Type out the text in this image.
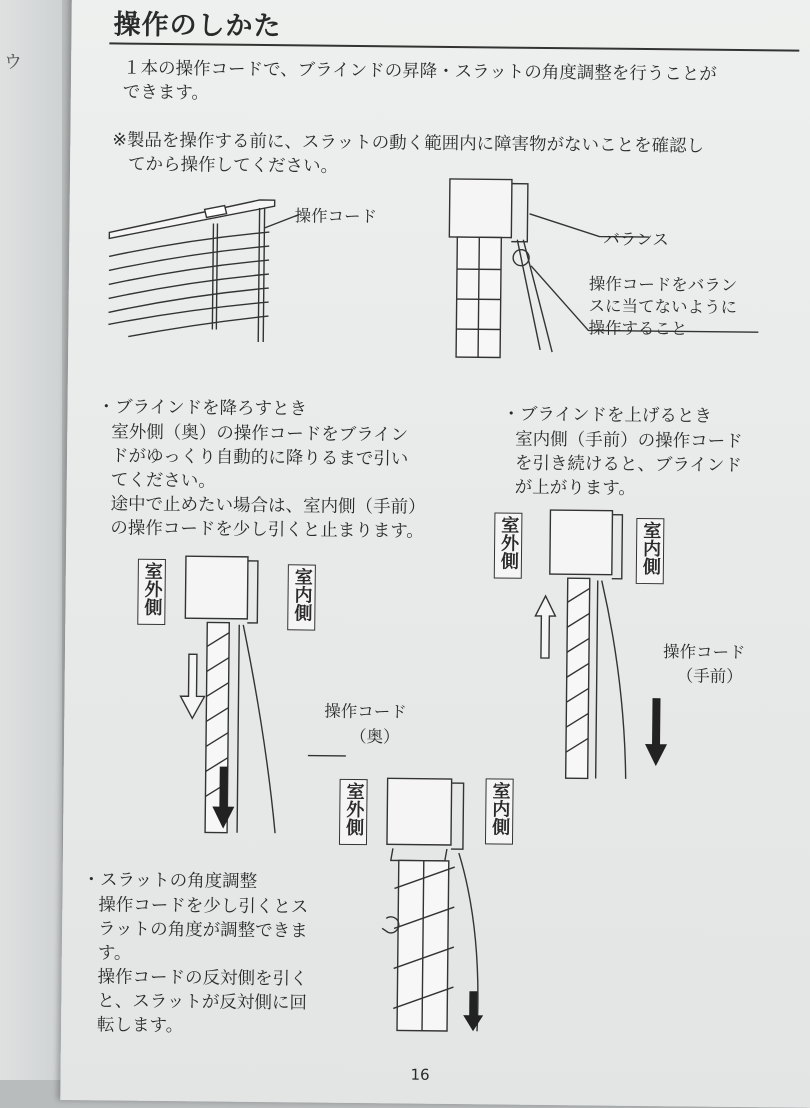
ウ
操作のしかた
１本の操作コードで、ブラインドの昇降・スラットの角度調整を行うことが
できます。
※製品を操作する前に、スラットの動く範囲内に障害物がないことを確認し
てから操作してください。
操作コード
バランス
操作コードをバラン
スに当てないように
操作すること
・ブラインドを降ろすとき
室外側（奥）の操作コードをブライン
ドがゆっくり自動的に降りるまで引い
てください。
途中で止めたい場合は、室内側（手前）
の操作コードを少し引くと止まります。
室外側	室内側
操作コード
（奥）
・ブラインドを上げるとき
室内側（手前）の操作コード
を引き続けると、ブラインド
が上がります。
室外側	室内側
操作コード
（手前）
・スラットの角度調整
操作コードを少し引くとス
ラットの角度が調整できま
す。
操作コードの反対側を引く
と、スラットが反対側に回
転します。
室外側	室内側
16
